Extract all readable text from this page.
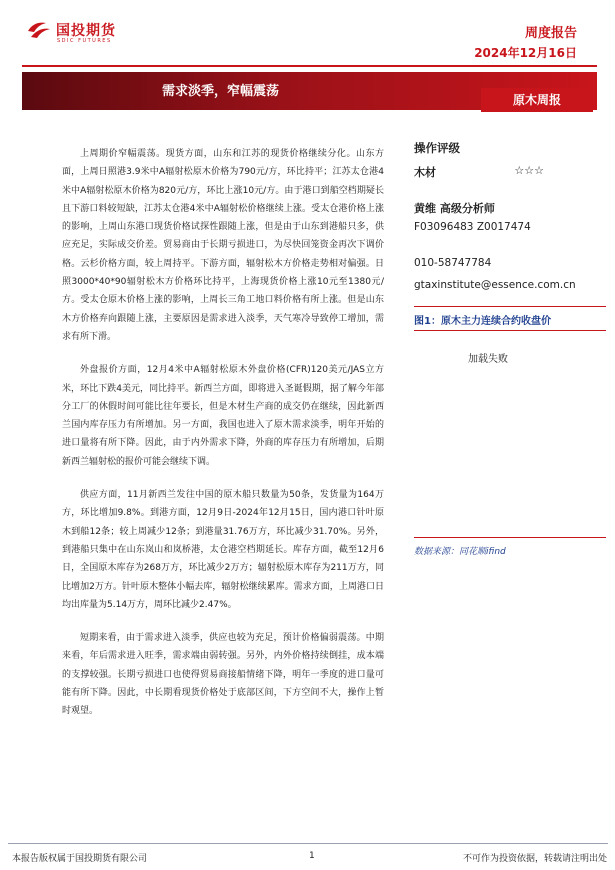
国投期货
SDIC FUTURES	周度报告
2024年12月16日
需求淡季，窄幅震荡
原木周报

上周期价窄幅震荡。现货方面，山东和江苏的现货价格继续分化。山东方面，上周日照港3.9米中A辐射松原木价格为790元/方，环比持平；江苏太仓港4米中A辐射松原木价格为820元/方，环比上涨10元/方。由于港口到船空档期疑长且下游口料较短缺，江苏太仓港4米中A辐射松价格继续上涨。受太仓港价格上涨的影响，上周山东港口现货价格试探性跟随上涨，但是由于山东到港船只多，供应充足，实际成交价差。贸易商由于长期亏损进口，为尽快回笼资金再次下调价格。云杉价格方面，较上周持平。下游方面，辐射松木方价格走势相对偏强。日照3000*40*90辐射松木方价格环比持平，上海现货价格上涨10元至1380元/方。受太仓原木价格上涨的影响，上周长三角工地口料价格有所上涨。但是山东木方价格弃向跟随上涨，主要原因是需求进入淡季，天气寒冷导致停工增加，需求有所下滑。

外盘报价方面，12月4米中A辐射松原木外盘价格(CFR)120美元/JAS立方米，环比下跌4美元，同比持平。新西兰方面，即将进入圣诞假期，据了解今年部分工厂的休假时间可能比往年要长，但是木材生产商的成交仍在继续，因此新西兰国内库存压力有所增加。另一方面，我国也进入了原木需求淡季，明年开始的进口量将有所下降。因此，由于内外需求下降，外商的库存压力有所增加，后期新西兰辐射松的报价可能会继续下调。

供应方面，11月新西兰发往中国的原木船只数量为50条，发货量为164万方，环比增加9.8%。到港方面，12月9日-2024年12月15日，国内港口针叶原木到船12条；较上周减少12条；到港量31.76万方，环比减少31.70%。另外，到港船只集中在山东岚山和岚桥港，太仓港空档期延长。库存方面，截至12月6日，全国原木库存为268万方，环比减少2万方；辐射松原木库存为211万方，同比增加2万方。针叶原木整体小幅去库，辐射松继续累库。需求方面，上周港口日均出库量为5.14万方，周环比减少2.47%。

短期来看，由于需求进入淡季，供应也较为充足，预计价格偏弱震荡。中期来看，年后需求进入旺季，需求端由弱转强。另外，内外价格持续倒挂，成本端的支撑较强。长期亏损进口也使得贸易商接船情绪下降，明年一季度的进口量可能有所下降。因此，中长期看现货价格处于底部区间，下方空间不大，操作上暂时观望。

操作评级
木材	☆☆☆
黄维 高级分析师
F03096483 Z0017474
010-58747784
gtaxinstitute@essence.com.cn
图1：原木主力连续合约收盘价
加载失败
数据来源：同花顺ifind
本报告版权属于国投期货有限公司	1	不可作为投资依据，转载请注明出处
